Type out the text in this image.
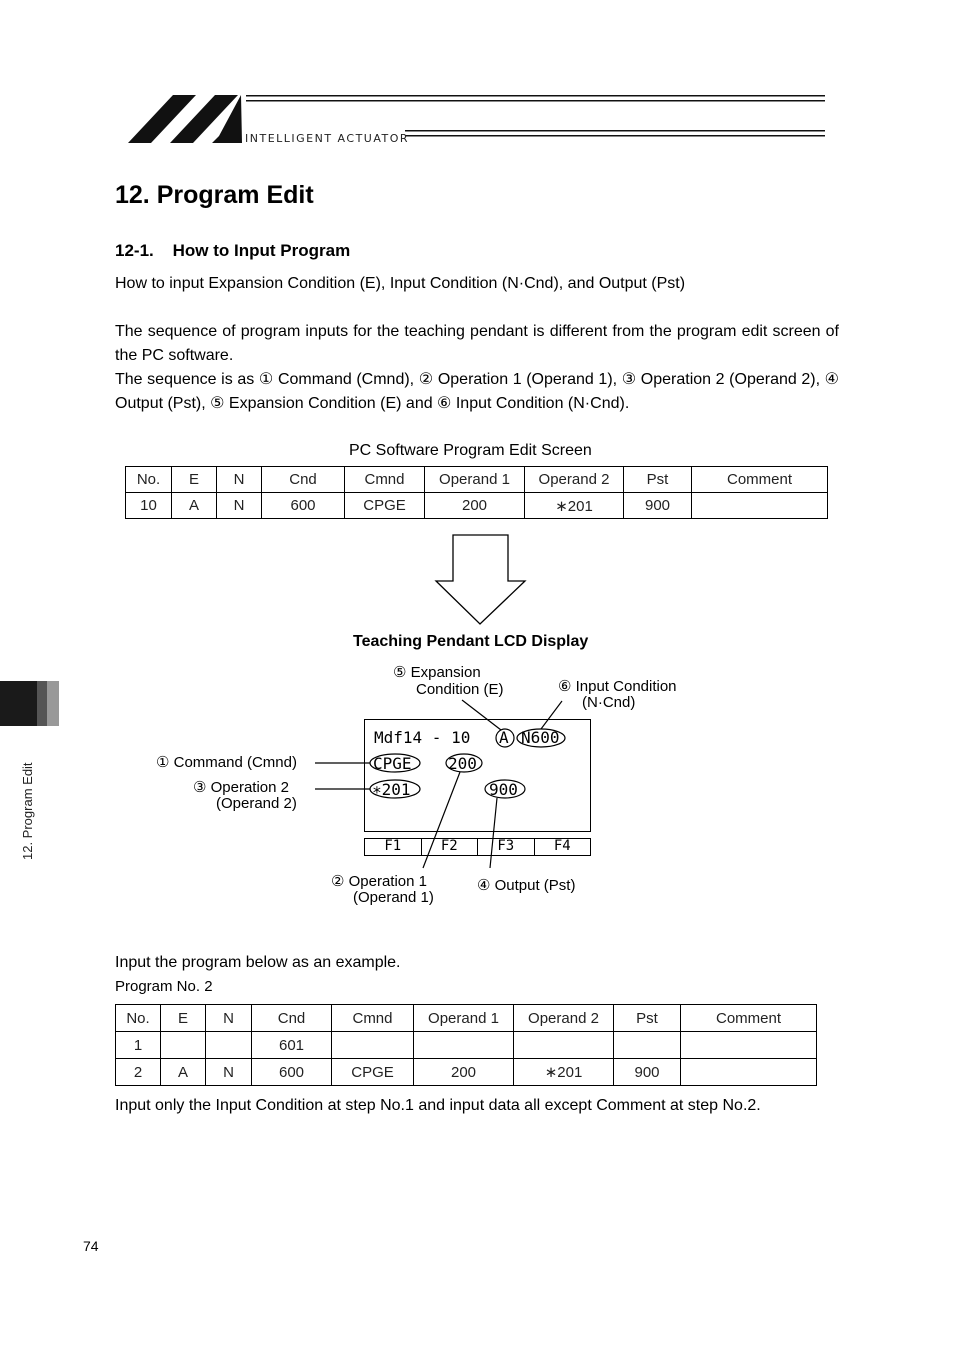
INTELLIGENT ACTUATOR
12. Program Edit
12-1.    How to Input Program
How to input Expansion Condition (E), Input Condition (N·Cnd), and Output (Pst)
The sequence of program inputs for the teaching pendant is different from the program edit screen of the PC software.
The sequence is as ① Command (Cmnd), ② Operation 1 (Operand 1), ③ Operation 2 (Operand 2), ④ Output (Pst), ⑤ Expansion Condition (E) and ⑥ Input Condition (N·Cnd).
PC Software Program Edit Screen
No.	E	N	Cnd	Cmnd	Operand 1	Operand 2	Pst	Comment
10	A	N	600	CPGE	200	∗201	900	
Teaching Pendant LCD Display
F1	F2	F3	F4
Mdf14 - 10 A N600
CPGE 200
∗201	900
⑤ Expansion
Condition (E)	⑥ Input Condition
(N·Cnd)
① Command (Cmnd)
③ Operation 2
(Operand 2)
② Operation 1
(Operand 1)
④ Output (Pst)
Input the program below as an example.
Program No. 2
No.	E	N	Cnd	Cmnd	Operand 1	Operand 2	Pst	Comment
1			601					
2	A	N	600	CPGE	200	∗201	900	
Input only the Input Condition at step No.1 and input data all except Comment at step No.2.
12. Program Edit
74
